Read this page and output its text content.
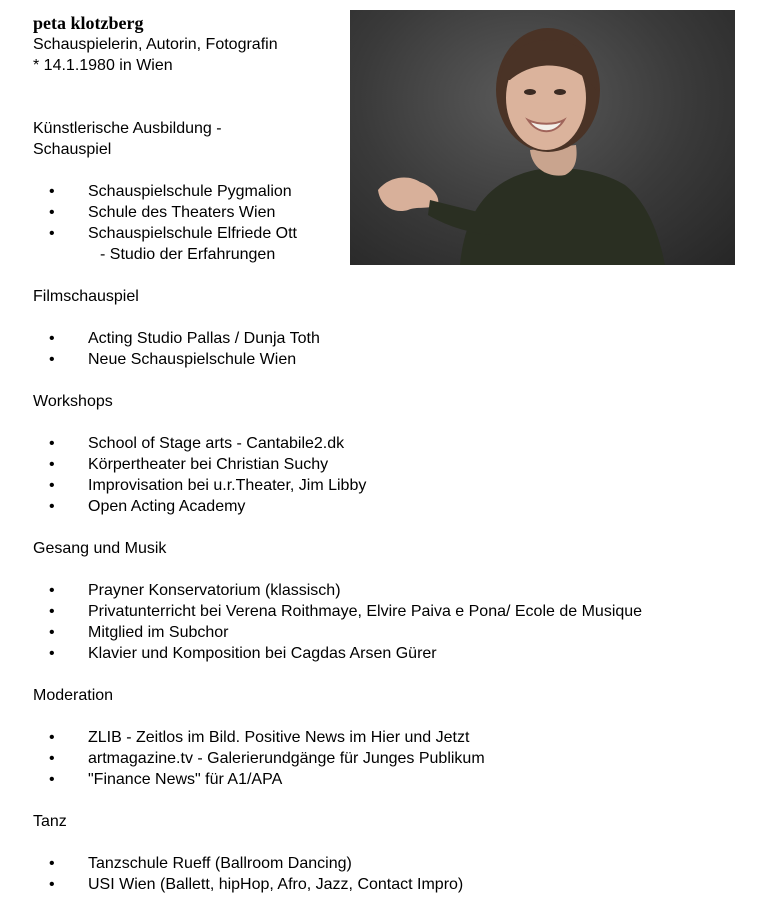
peta klotzberg

Schauspielerin, Autorin, Fotografin

* 14.1.1980 in Wien

Künstlerische Ausbildung -

Schauspiel

• Schauspielschule Pygmalion
• Schule des Theaters Wien
• Schauspielschule Elfriede Ott
- Studio der Erfahrungen

Filmschauspiel

• Acting Studio Pallas / Dunja Toth
• Neue Schauspielschule Wien

Workshops

• School of Stage arts - Cantabile2.dk
• Körpertheater bei Christian Suchy
• Improvisation bei u.r.Theater, Jim Libby
• Open Acting Academy

Gesang und Musik

• Prayner Konservatorium (klassisch)
• Privatunterricht bei Verena Roithmaye, Elvire Paiva e Pona/ Ecole de Musique
• Mitglied im Subchor
• Klavier und Komposition bei Cagdas Arsen Gürer

Moderation

• ZLIB - Zeitlos im Bild. Positive News im Hier und Jetzt
• artmagazine.tv - Galerierundgänge für Junges Publikum
• "Finance News" für A1/APA

Tanz

• Tanzschule Rueff (Ballroom Dancing)
• USI Wien (Ballett, hipHop, Afro, Jazz, Contact Impro)
